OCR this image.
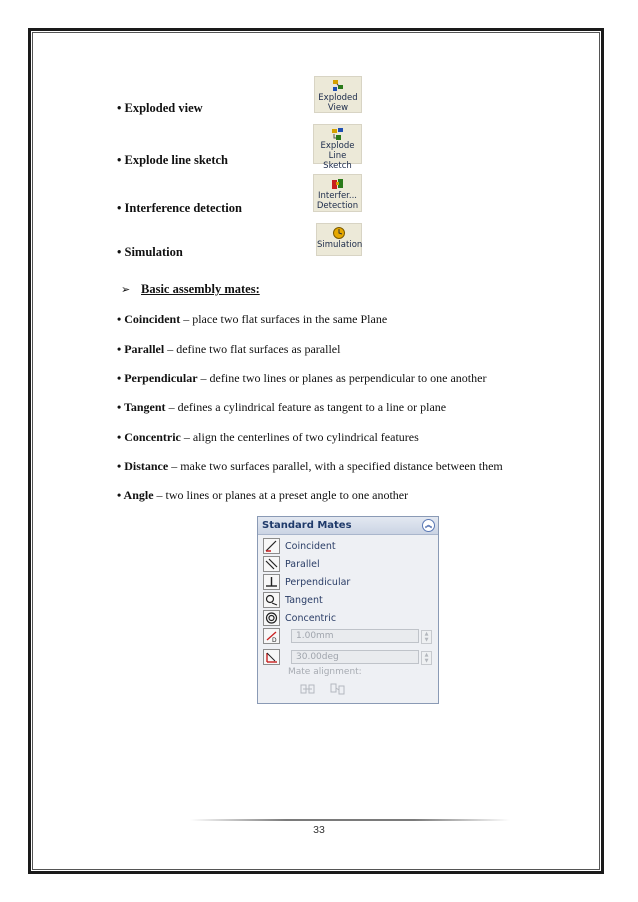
• Exploded view
• Explode line sketch
• Interference detection
• Simulation
Exploded
View
Explode
Line Sketch
Interfer...
Detection
Simulation
➢ Basic assembly mates:
• Coincident – place two flat surfaces in the same Plane
• Parallel – define two flat surfaces as parallel
• Perpendicular – define two lines or planes as perpendicular to one another
• Tangent – defines a cylindrical feature as tangent to a line or plane
• Concentric – align the centerlines of two cylindrical features
• Distance – make two surfaces parallel, with a specified distance between them
• Angle – two lines or planes at a preset angle to one another
Standard Mates	︽
Coincident
Parallel
Perpendicular
Tangent
Concentric
D	1.00mm	▲
▼
30.00deg	▲
▼
Mate alignment:
33
